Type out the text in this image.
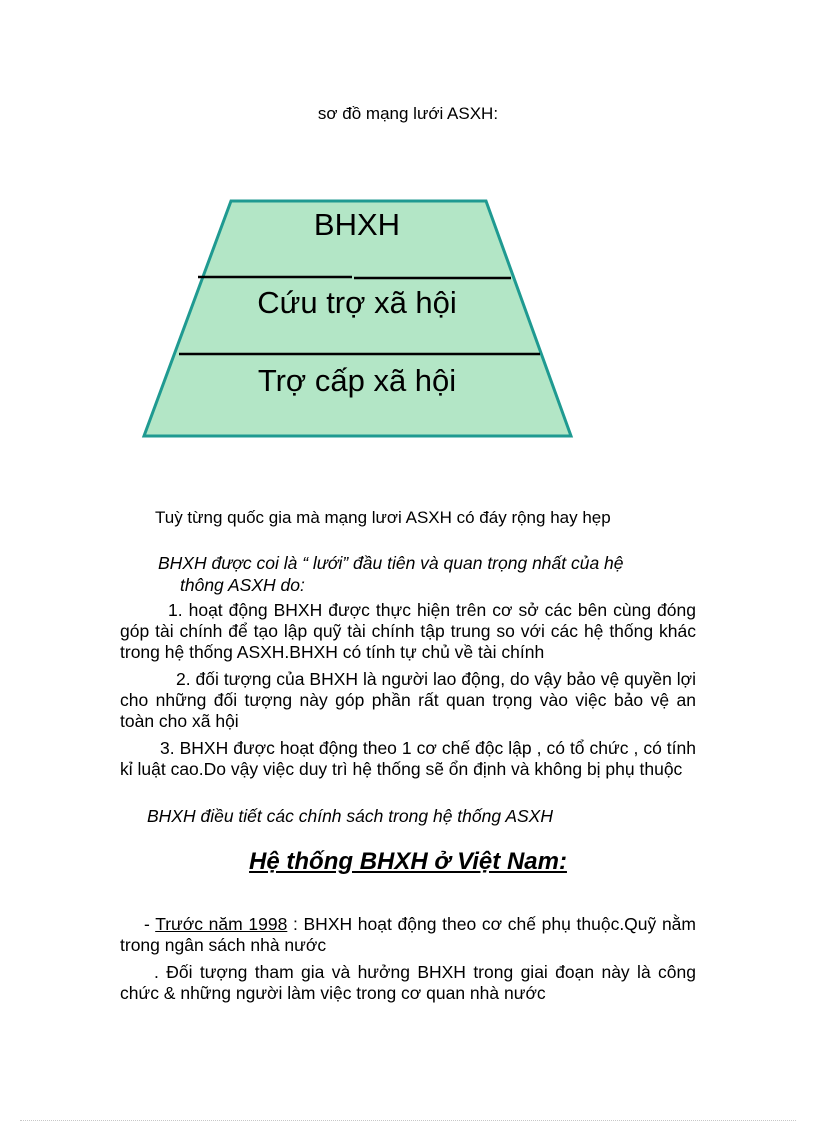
sơ đồ mạng lưới ASXH:
BHXH
Cứu trợ xã hội
Trợ cấp xã hội
Tuỳ từng quốc gia mà mạng lươi ASXH có đáy rộng hay hẹp
BHXH được coi là “ lưới” đầu tiên và quan trọng nhất của hệ
thông ASXH do:
1. hoạt động BHXH được thực hiện trên cơ sở các bên cùng đóng góp tài chính để tạo lập quỹ tài chính tập trung so với các hệ thống khác trong hệ thống ASXH.BHXH có tính tự chủ về tài chính
2. đối tượng của BHXH là người lao động, do vậy bảo vệ quyền lợi cho những đối tượng này góp phần rất quan trọng vào việc bảo vệ an toàn cho xã hội
3. BHXH được hoạt động theo 1 cơ chế độc lập , có tổ chức , có tính kỉ luật cao.Do vậy việc duy trì hệ thống sẽ ổn định và không bị phụ thuộc
BHXH điều tiết các chính sách trong hệ thống ASXH
Hệ thống BHXH ở Việt Nam:
- Trước năm 1998 : BHXH hoạt động theo cơ chế phụ thuộc.Quỹ nằm trong ngân sách nhà nước
. Đối tượng tham gia và hưởng BHXH trong giai đoạn này là công chức & những người làm việc trong cơ quan nhà nước
